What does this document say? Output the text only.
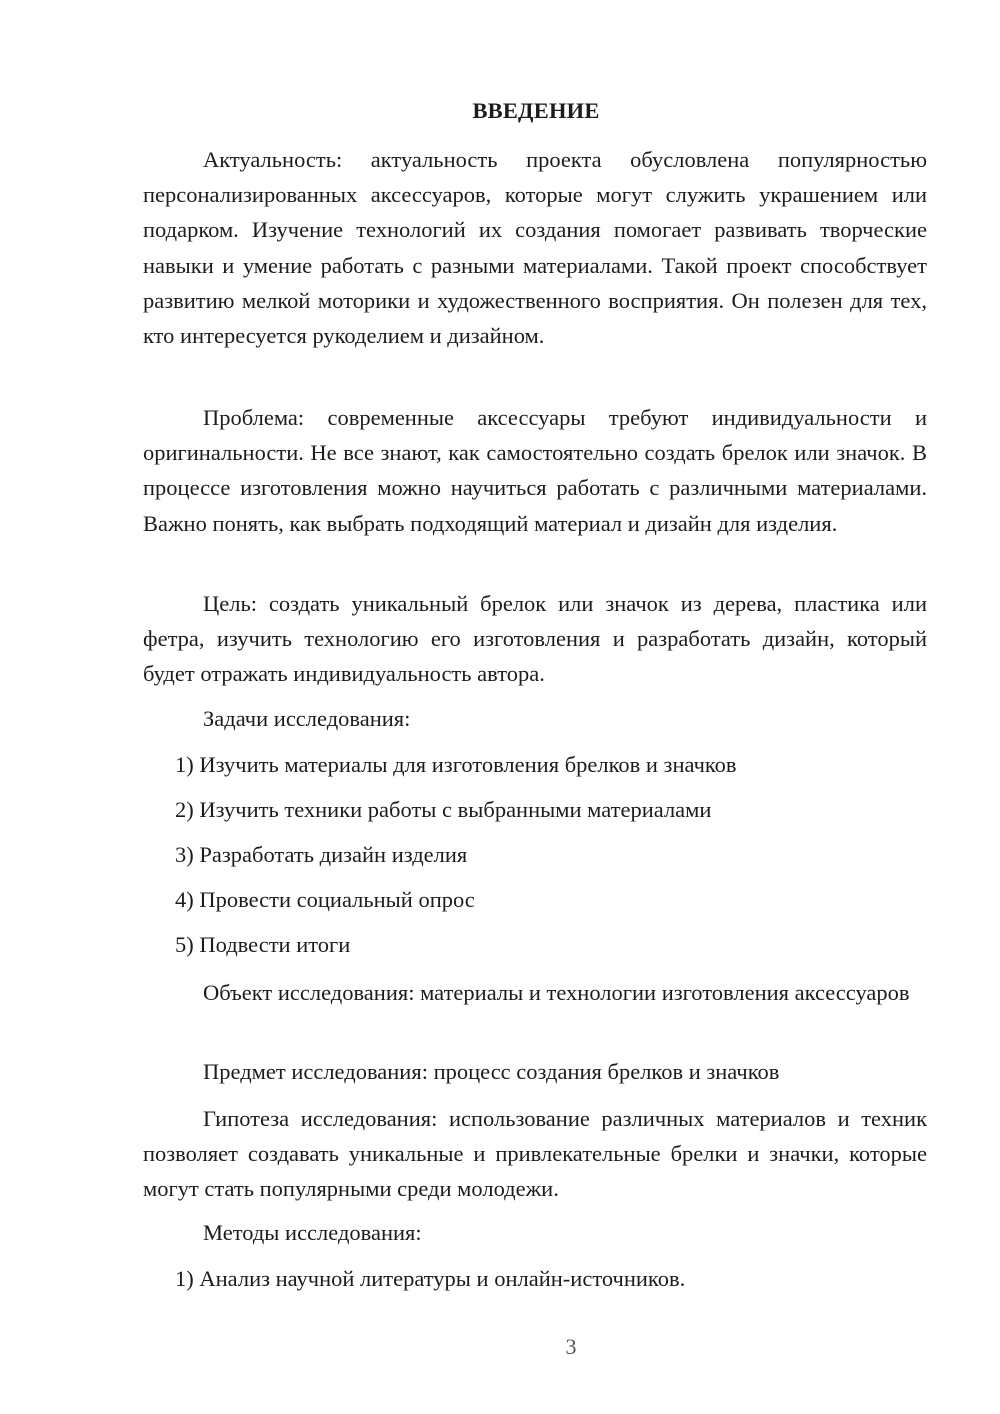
ВВЕДЕНИЕ

Актуальность: актуальность проекта обусловлена популярностью персонализированных аксессуаров, которые могут служить украшением или подарком. Изучение технологий их создания помогает развивать творческие навыки и умение работать с разными материалами. Такой проект способствует развитию мелкой моторики и художественного восприятия. Он полезен для тех, кто интересуется рукоделием и дизайном.

Проблема: современные аксессуары требуют индивидуальности и оригинальности. Не все знают, как самостоятельно создать брелок или значок. В процессе изготовления можно научиться работать с различными материалами. Важно понять, как выбрать подходящий материал и дизайн для изделия.

Цель: создать уникальный брелок или значок из дерева, пластика или фетра, изучить технологию его изготовления и разработать дизайн, который будет отражать индивидуальность автора.

Задачи исследования:
1) Изучить материалы для изготовления брелков и значков
2) Изучить техники работы с выбранными материалами
3) Разработать дизайн изделия
4) Провести социальный опрос
5) Подвести итоги

Объект исследования: материалы и технологии изготовления аксессуаров

Предмет исследования: процесс создания брелков и значков

Гипотеза исследования: использование различных материалов и техник позволяет создавать уникальные и привлекательные брелки и значки, которые могут стать популярными среди молодежи.

Методы исследования:
1) Анализ научной литературы и онлайн-источников.
3
